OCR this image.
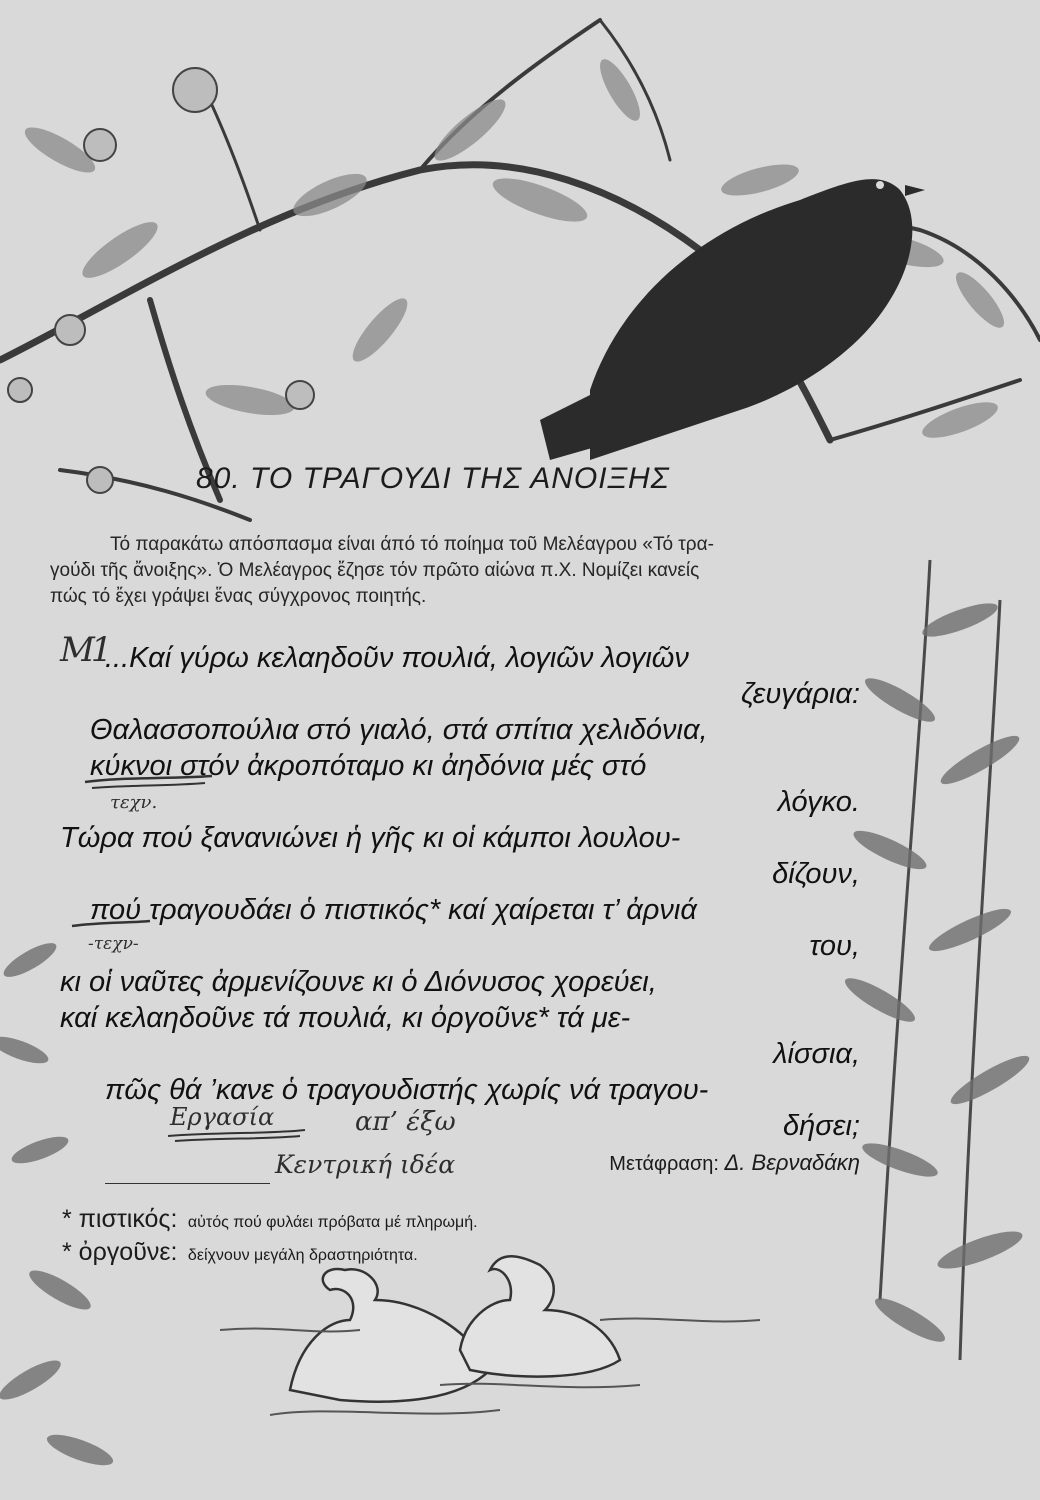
80. ΤΟ ΤΡΑΓΟΥΔΙ ΤΗΣ ΑΝΟΙΞΗΣ
Τό παρακάτω απόσπασμα είναι άπό τό ποίημα τοῦ Μελέαγρου «Τό τρα-
γούδι τῆς ἄνοιξης». Ὁ Μελέαγρος ἔζησε τόν πρῶτο αἰώνα π.Χ. Νομίζει κανείς
πώς τό ἔχει γράψει ἕνας σύγχρονος ποιητής.
...Καί γύρω κελαηδοῦν πουλιά, λογιῶν λογιῶν
ζευγάρια:
Θαλασσοπούλια στό γιαλό, στά σπίτια χελιδόνια,
κύκνοι στόν ἀκροπόταμο κι ἀηδόνια μές στό
λόγκο.
Τώρα πού ξανανιώνει ἡ γῆς κι οἱ κάμποι λουλου-
δίζουν,
πού τραγουδάει ὁ πιστικός* καί χαίρεται τ’ ἀρνιά
του,
κι οἱ ναῦτες ἀρμενίζουνε κι ὁ Διόνυσος χορεύει,
καί κελαηδοῦνε τά πουλιά, κι ὀργοῦνε* τά με-
λίσσια,
πῶς θά ’κανε ὁ τραγουδιστής χωρίς νά τραγου-
δήσει;
Μετάφραση: Δ. Βερναδάκη
* πιστικός: αὐτός πού φυλάει πρόβατα μέ πληρωμή.
* ὀργοῦνε: δείχνουν μεγάλη δραστηριότητα.
Μ1
τεχν.
-τεχν-
Εργασία	απ’ έξω
Κεντρική ιδέα
